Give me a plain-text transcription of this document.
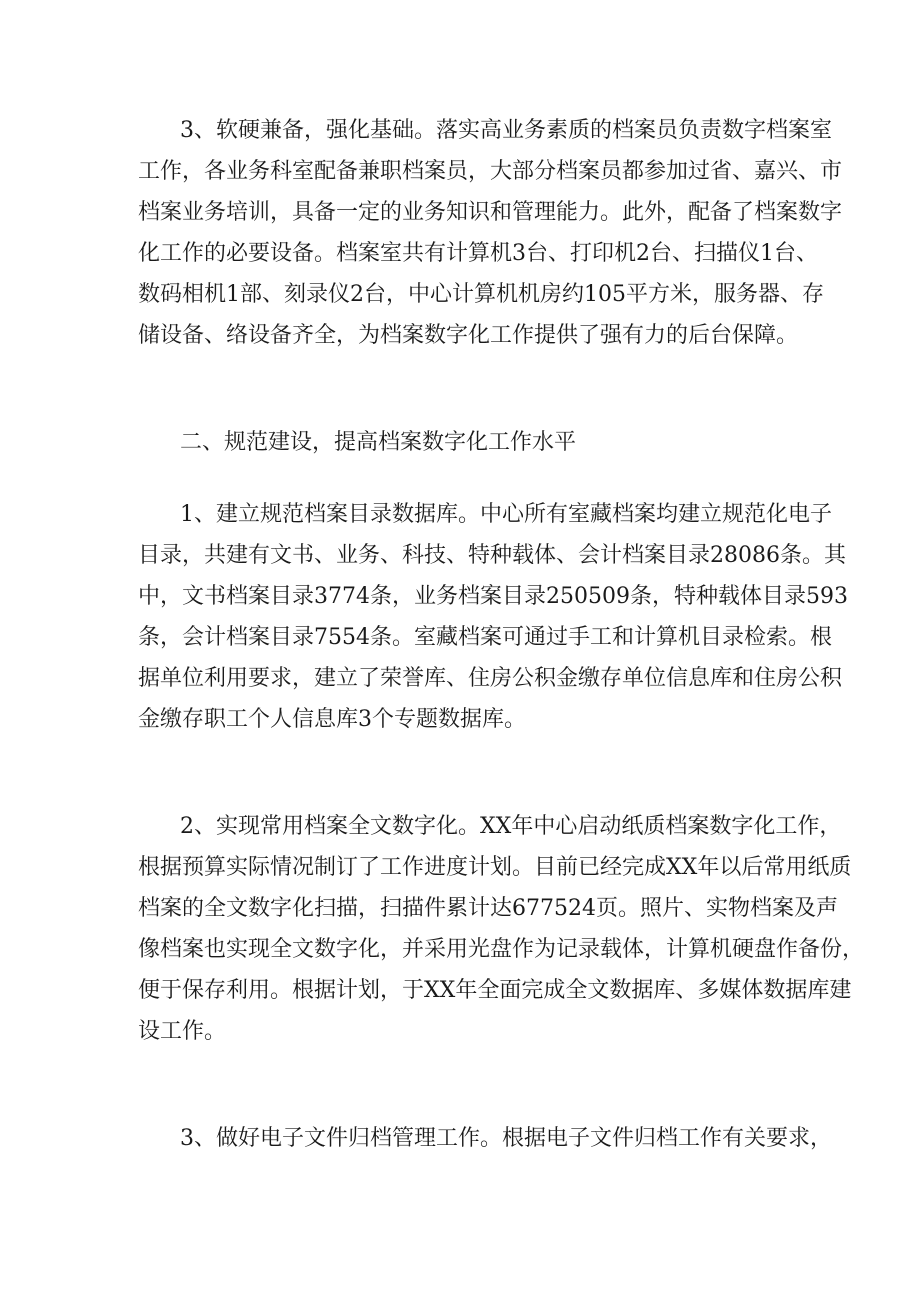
3、软硬兼备，强化基础。落实高业务素质的档案员负责数字档案室
工作，各业务科室配备兼职档案员，大部分档案员都参加过省、嘉兴、市
档案业务培训，具备一定的业务知识和管理能力。此外，配备了档案数字
化工作的必要设备。档案室共有计算机3台、打印机2台、扫描仪1台、
数码相机1部、刻录仪2台，中心计算机机房约105平方米，服务器、存
储设备、络设备齐全，为档案数字化工作提供了强有力的后台保障。

二、规范建设，提高档案数字化工作水平

1、建立规范档案目录数据库。中心所有室藏档案均建立规范化电子
目录，共建有文书、业务、科技、特种载体、会计档案目录28086条。其
中，文书档案目录3774条，业务档案目录250509条，特种载体目录593
条，会计档案目录7554条。室藏档案可通过手工和计算机目录检索。根
据单位利用要求，建立了荣誉库、住房公积金缴存单位信息库和住房公积
金缴存职工个人信息库3个专题数据库。

2、实现常用档案全文数字化。XX年中心启动纸质档案数字化工作，
根据预算实际情况制订了工作进度计划。目前已经完成XX年以后常用纸质
档案的全文数字化扫描，扫描件累计达677524页。照片、实物档案及声
像档案也实现全文数字化，并采用光盘作为记录载体，计算机硬盘作备份，
便于保存利用。根据计划，于XX年全面完成全文数据库、多媒体数据库建
设工作。

3、做好电子文件归档管理工作。根据电子文件归档工作有关要求，
